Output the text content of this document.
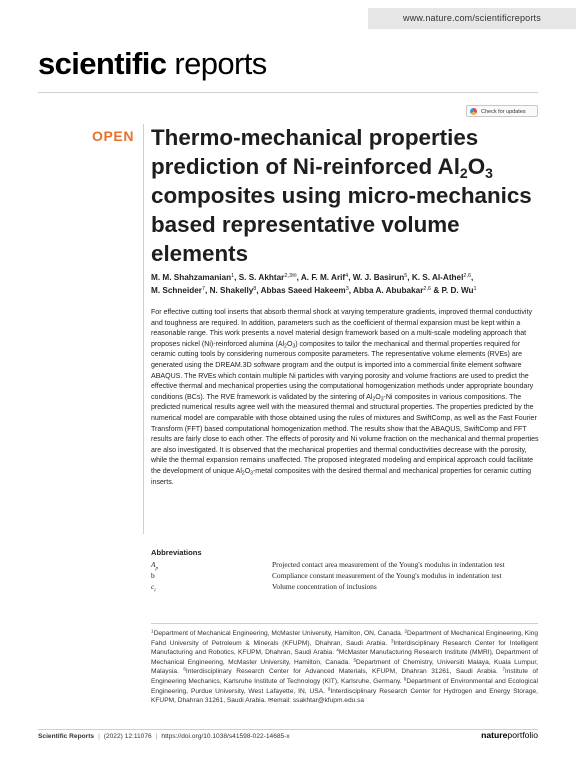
www.nature.com/scientificreports
scientific reports
Check for updates
OPEN Thermo-mechanical properties
prediction of Ni-reinforced $Al_2O_3$
composites using micro-mechanics
based representative volume
elements
M. M. Shahzamanian$^1$, S. S. Akhtar$^{2,3✉}$, A. F. M. Arif$^4$, W. J. Basirun$^5$, K. S. Al-Athel$^{2,6}$,
M. Schneider$^7$, N. Shakelly$^8$, Abbas Saeed Hakeem$^3$, Abba A. Abubakar$^{2,6}$ & P. D. Wu$^1$

For effective cutting tool inserts that absorb thermal shock at varying temperature gradients, improved thermal conductivity and toughness are required. In addition, parameters such as the coefficient of thermal expansion must be kept within a reasonable range. This work presents a novel material design framework based on a multi-scale modeling approach that proposes nickel (Ni)-reinforced alumina $(Al_2O_3)$ composites to tailor the mechanical and thermal properties required for ceramic cutting tools by considering numerous composite parameters. The representative volume elements (RVEs) are generated using the DREAM.3D software program and the output is imported into a commercial finite element software ABAQUS. The RVEs which contain multiple Ni particles with varying porosity and volume fractions are used to predict the effective thermal and mechanical properties using the computational homogenization methods under appropriate boundary conditions (BCs). The RVE framework is validated by the sintering of $Al_2O_3-Ni$ composites in various compositions. The predicted numerical results agree well with the measured thermal and structural properties. The properties predicted by the numerical model are comparable with those obtained using the rules of mixtures and SwiftComp, as well as the Fast Fourier Transform (FFT) based computational homogenization method. The results show that the ABAQUS, SwiftComp and FFT results are fairly close to each other. The effects of porosity and Ni volume fraction on the mechanical and thermal properties are also investigated. It is observed that the mechanical properties and thermal conductivities decrease with the porosity, while the thermal expansion remains unaffected. The proposed integrated modeling and empirical approach could facilitate the development of unique $Al_2O_3$-metal composites with the desired thermal and mechanical properties for ceramic cutting inserts.

Abbreviations
$A_p$	Projected contact area measurement of the Young's modulus in indentation test
b	Compliance constant measurement of the Young's modulus in indentation test
$c_i$	Volume concentration of inclusions
$^1$Department of Mechanical Engineering, McMaster University, Hamilton, ON, Canada. $^2$Department of Mechanical Engineering, King Fahd University of Petroleum & Minerals (KFUPM), Dhahran, Saudi Arabia. $^3$Interdisciplinary Research Center for Intelligent Manufacturing and Robotics, KFUPM, Dhahran, Saudi Arabia. $^4$McMaster Manufacturing Research Institute (MMRI), Department of Mechanical Engineering, McMaster University, Hamilton, Canada. $^5$Department of Chemistry, Universiti Malaya, Kuala Lumpur, Malaysia. $^6$Interdisciplinary Research Center for Advanced Materials, KFUPM, Dhahran 31261, Saudi Arabia. $^7$Institute of Engineering Mechanics, Karlsruhe Institute of Technology (KIT), Karlsruhe, Germany. $^8$Department of Environmental and Ecological Engineering, Purdue University, West Lafayette, IN, USA. $^9$Interdisciplinary Research Center for Hydrogen and Energy Storage, KFUPM, Dhahran 31261, Saudi Arabia. ✉email: ssakhtar@kfupm.edu.sa
Scientific Reports | (2022) 12:11076 | https://doi.org/10.1038/s41598-022-14685-x	natureportfolio
